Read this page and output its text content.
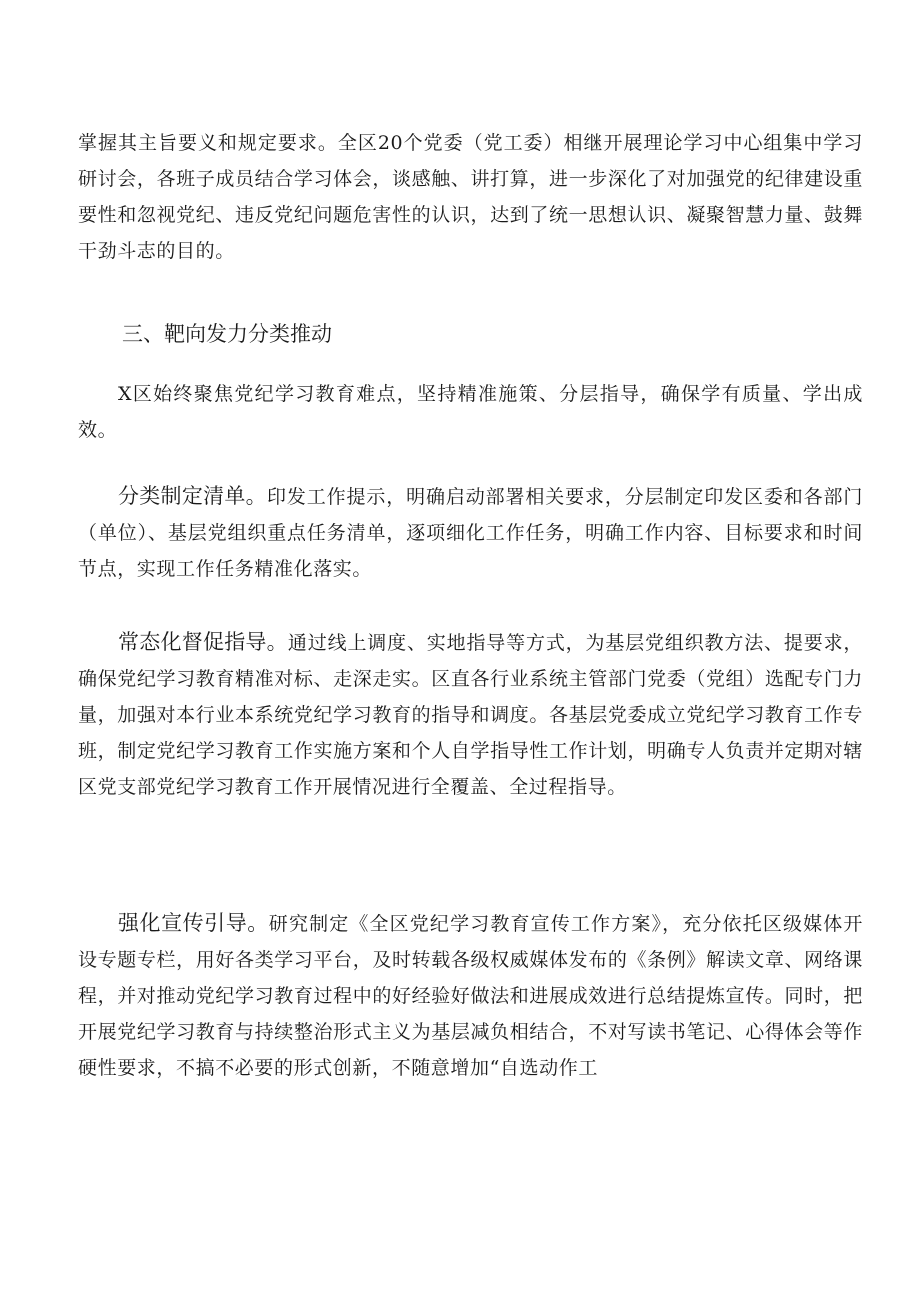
掌握其主旨要义和规定要求。全区20个党委（党工委）相继开展理论学习中心组集中学习研讨会，各班子成员结合学习体会，谈感触、讲打算，进一步深化了对加强党的纪律建设重要性和忽视党纪、违反党纪问题危害性的认识，达到了统一思想认识、凝聚智慧力量、鼓舞干劲斗志的目的。

三、靶向发力分类推动

X区始终聚焦党纪学习教育难点，坚持精准施策、分层指导，确保学有质量、学出成效。

分类制定清单。印发工作提示，明确启动部署相关要求，分层制定印发区委和各部门（单位）、基层党组织重点任务清单，逐项细化工作任务，明确工作内容、目标要求和时间节点，实现工作任务精准化落实。

常态化督促指导。通过线上调度、实地指导等方式，为基层党组织教方法、提要求，确保党纪学习教育精准对标、走深走实。区直各行业系统主管部门党委（党组）选配专门力量，加强对本行业本系统党纪学习教育的指导和调度。各基层党委成立党纪学习教育工作专班，制定党纪学习教育工作实施方案和个人自学指导性工作计划，明确专人负责并定期对辖区党支部党纪学习教育工作开展情况进行全覆盖、全过程指导。

强化宣传引导。研究制定《全区党纪学习教育宣传工作方案》，充分依托区级媒体开设专题专栏，用好各类学习平台，及时转载各级权威媒体发布的《条例》解读文章、网络课程，并对推动党纪学习教育过程中的好经验好做法和进展成效进行总结提炼宣传。同时，把开展党纪学习教育与持续整治形式主义为基层减负相结合，不对写读书笔记、心得体会等作硬性要求，不搞不必要的形式创新，不随意增加“自选动作工
